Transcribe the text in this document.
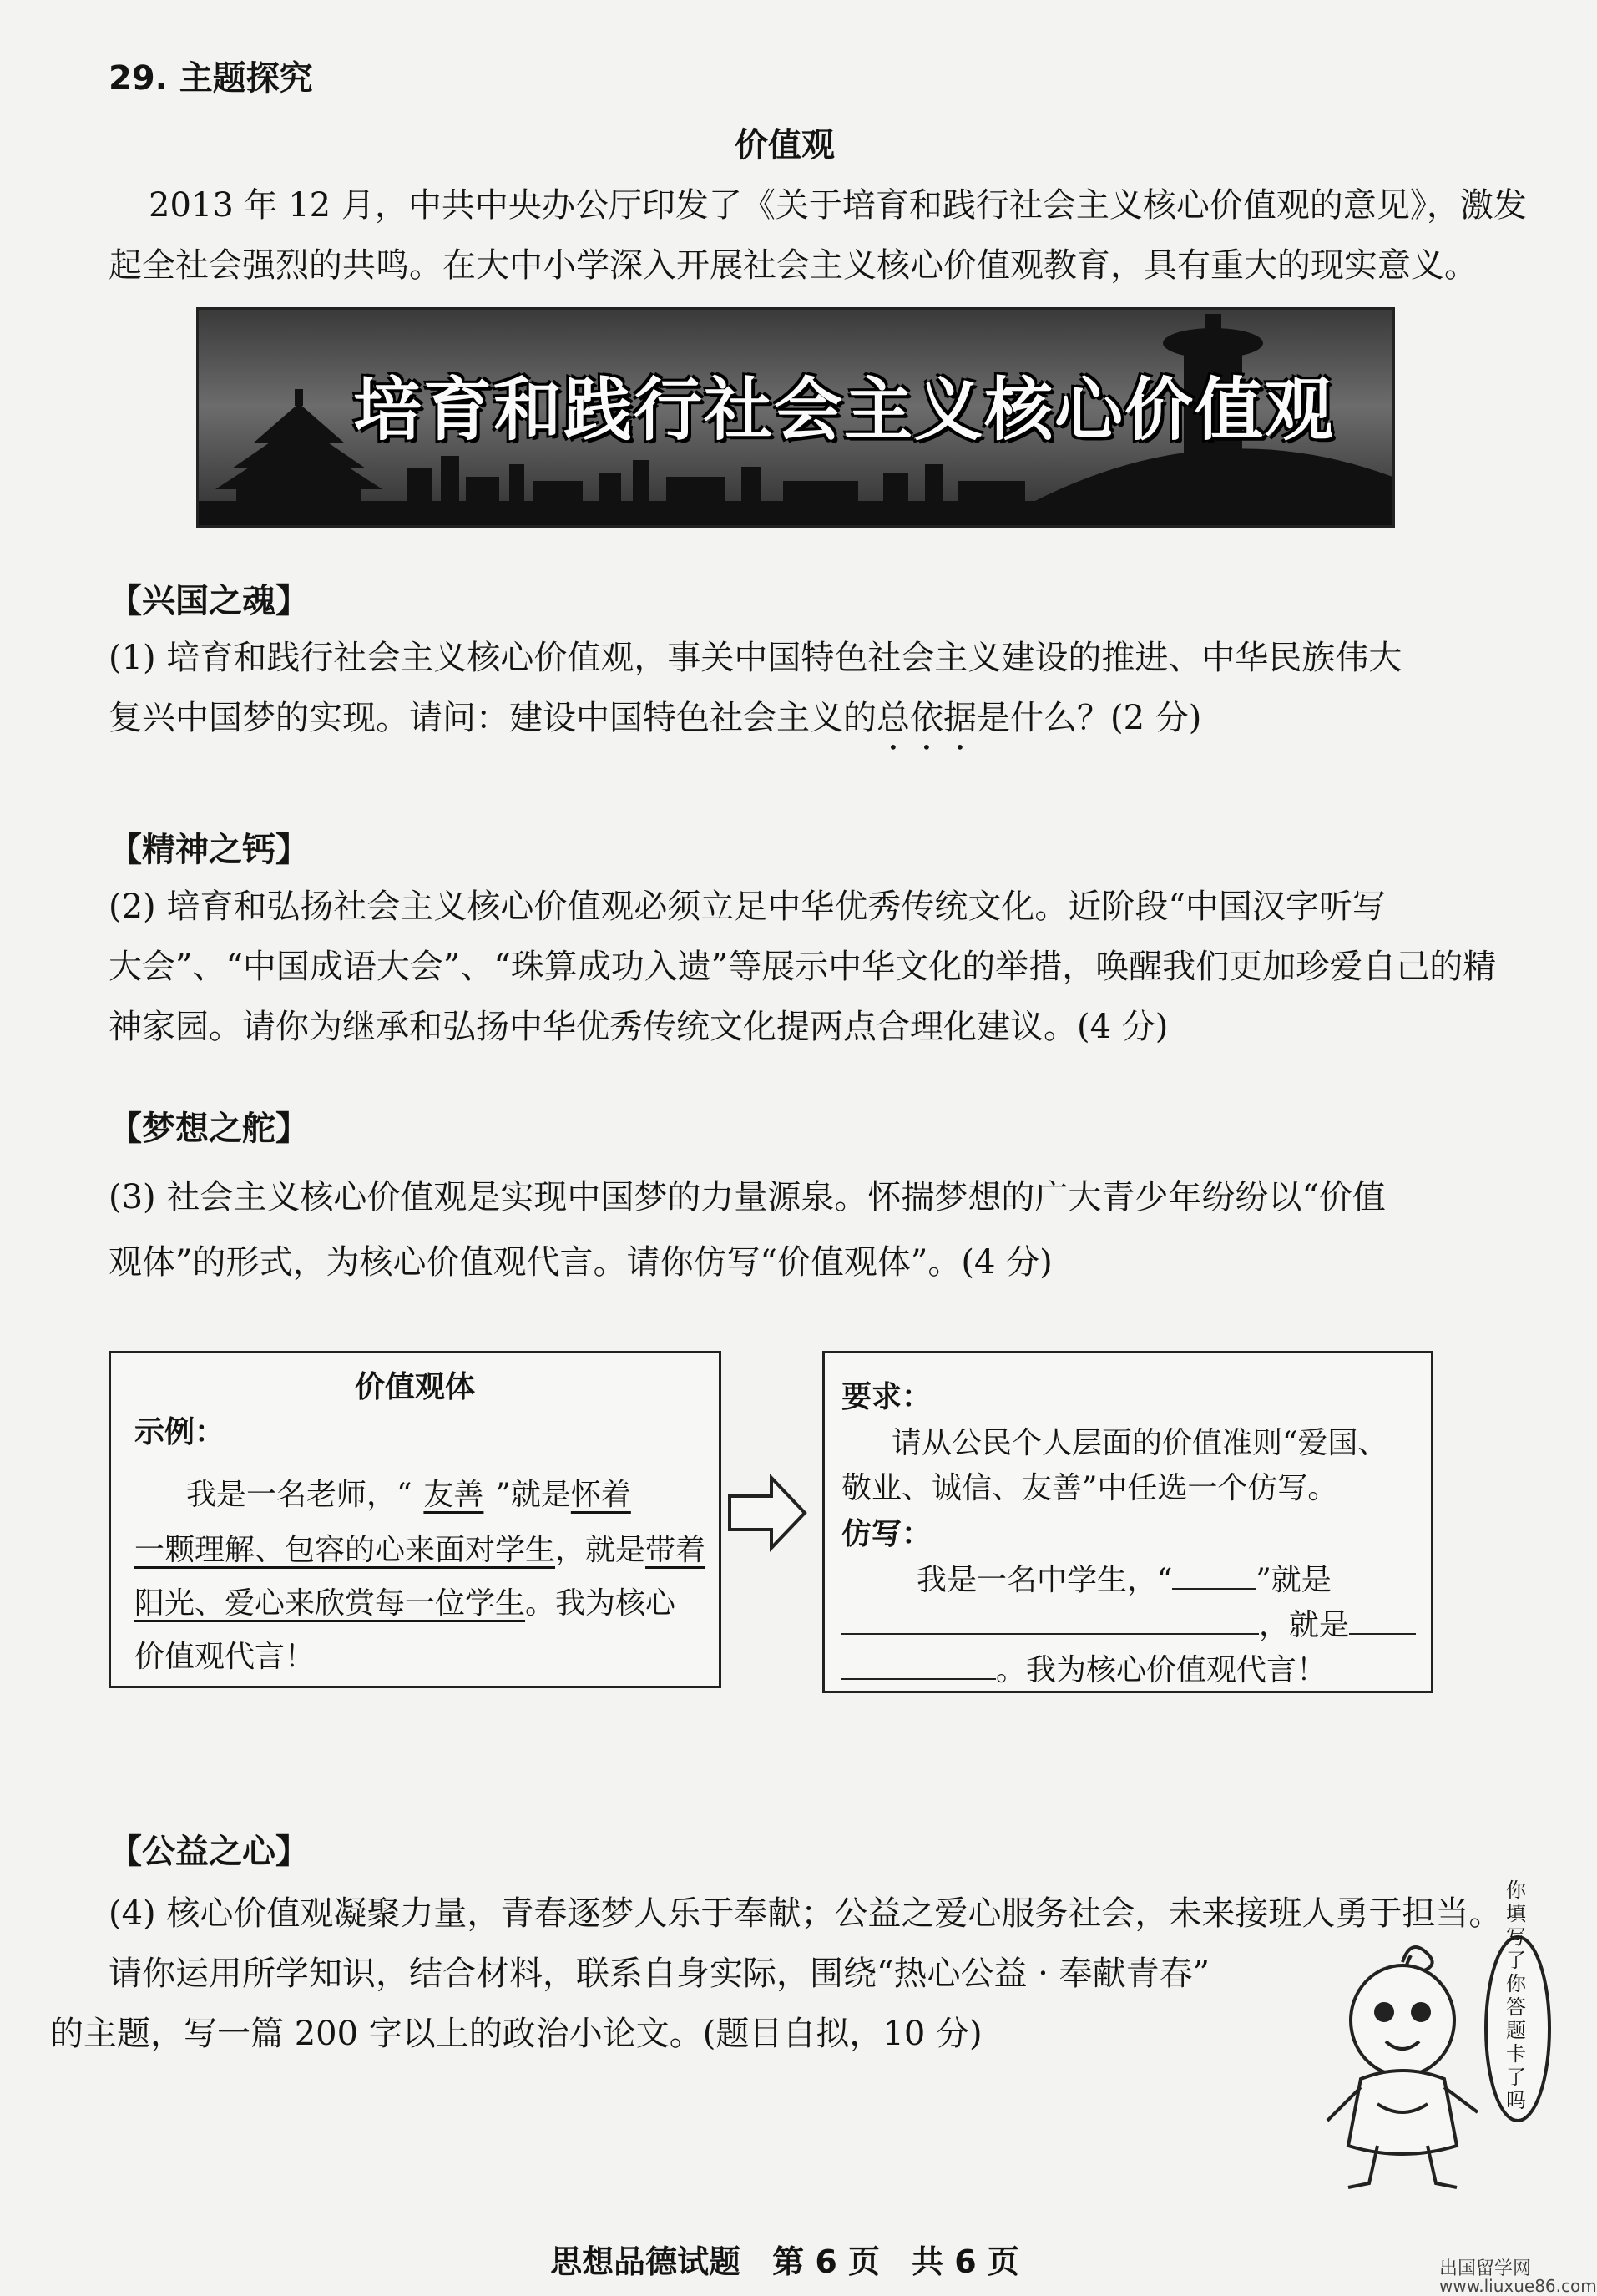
29. 主题探究
价值观
2013 年 12 月，中共中央办公厅印发了《关于培育和践行社会主义核心价值观的意见》，激发
起全社会强烈的共鸣。在大中小学深入开展社会主义核心价值观教育，具有重大的现实意义。
培育和践行社会主义核心价值观
【兴国之魂】
(1) 培育和践行社会主义核心价值观，事关中国特色社会主义建设的推进、中华民族伟大
复兴中国梦的实现。请问：建设中国特色社会主义的总依据是什么？(2 分)
【精神之钙】
(2) 培育和弘扬社会主义核心价值观必须立足中华优秀传统文化。近阶段“中国汉字听写
大会”、“中国成语大会”、“珠算成功入遗”等展示中华文化的举措，唤醒我们更加珍爱自己的精
神家园。请你为继承和弘扬中华优秀传统文化提两点合理化建议。(4 分)
【梦想之舵】
(3) 社会主义核心价值观是实现中国梦的力量源泉。怀揣梦想的广大青少年纷纷以“价值
观体”的形式，为核心价值观代言。请你仿写“价值观体”。(4 分)
价值观体
示例：
我是一名老师，“ 友善 ”就是怀着
一颗理解、包容的心来面对学生，就是带着
阳光、爱心来欣赏每一位学生。我为核心
价值观代言！
要求：
请从公民个人层面的价值准则“爱国、
敬业、诚信、友善”中任选一个仿写。
仿写：
我是一名中学生，“	”就是
，就是
。我为核心价值观代言！
【公益之心】
(4) 核心价值观凝聚力量，青春逐梦人乐于奉献；公益之爱心服务社会，未来接班人勇于担当。
请你运用所学知识，结合材料，联系自身实际，围绕“热心公益 · 奉献青春”
的主题，写一篇 200 字以上的政治小论文。(题目自拟，10 分)
你填写了你答题卡了吗
思想品德试题　第 6 页　共 6 页	出国留学网
www.liuxue86.com
